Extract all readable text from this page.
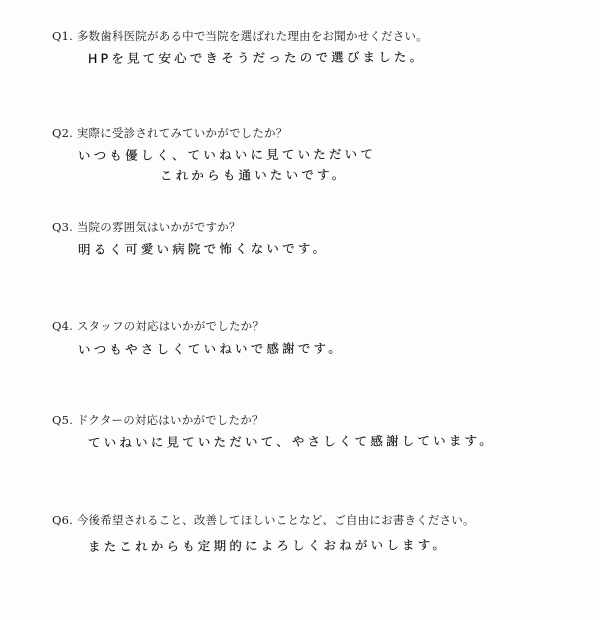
Q1. 多数歯科医院がある中で当院を選ばれた理由をお聞かせください。
HPを見て安心できそうだったので選びました。
Q2. 実際に受診されてみていかがでしたか？
いつも優しく、ていねいに見ていただいて
これからも通いたいです。
Q3. 当院の雰囲気はいかがですか？
明るく可愛い病院で怖くないです。
Q4. スタッフの対応はいかがでしたか？
いつもやさしくていねいで感謝です。
Q5. ドクターの対応はいかがでしたか？
ていねいに見ていただいて、やさしくて感謝しています。
Q6. 今後希望されること、改善してほしいことなど、ご自由にお書きください。
またこれからも定期的によろしくおねがいします。
